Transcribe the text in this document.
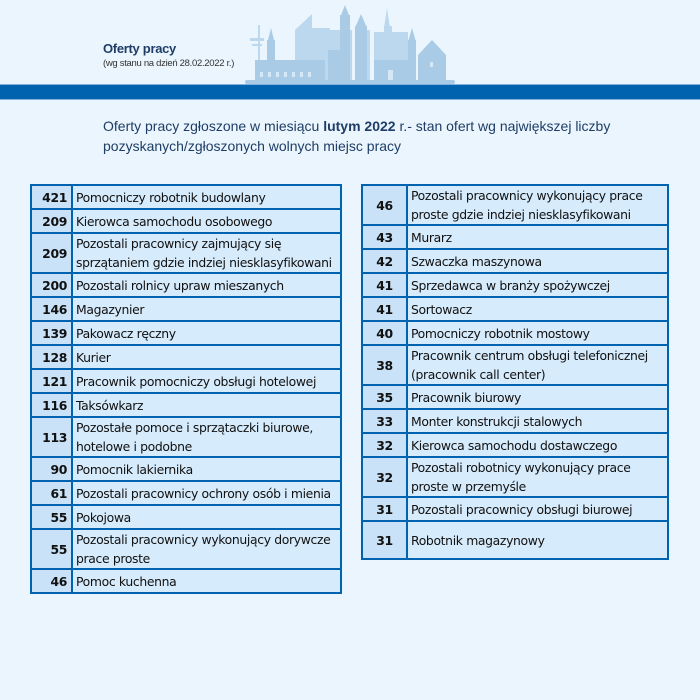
Oferty pracy
(wg stanu na dzień 28.02.2022 r.)
Oferty pracy zgłoszone w miesiącu lutym 2022 r.- stan ofert wg największej liczby pozyskanych/zgłoszonych wolnych miejsc pracy
421	Pomocniczy robotnik budowlany
209	Kierowca samochodu osobowego
209	Pozostali pracownicy zajmujący się sprzątaniem gdzie indziej niesklasyfikowani
200	Pozostali rolnicy upraw mieszanych
146	Magazynier
139	Pakowacz ręczny
128	Kurier
121	Pracownik pomocniczy obsługi hotelowej
116	Taksówkarz
113	Pozostałe pomoce i sprzątaczki biurowe, hotelowe i podobne
90	Pomocnik lakiernika
61	Pozostali pracownicy ochrony osób i mienia
55	Pokojowa
55	Pozostali pracownicy wykonujący dorywcze prace proste
46	Pomoc kuchenna
46	Pozostali pracownicy wykonujący prace proste gdzie indziej niesklasyfikowani
43	Murarz
42	Szwaczka maszynowa
41	Sprzedawca w branży spożywczej
41	Sortowacz
40	Pomocniczy robotnik mostowy
38	Pracownik centrum obsługi telefonicznej (pracownik call center)
35	Pracownik biurowy
33	Monter konstrukcji stalowych
32	Kierowca samochodu dostawczego
32	Pozostali robotnicy wykonujący prace proste w przemyśle
31	Pozostali pracownicy obsługi biurowej
31	Robotnik magazynowy
